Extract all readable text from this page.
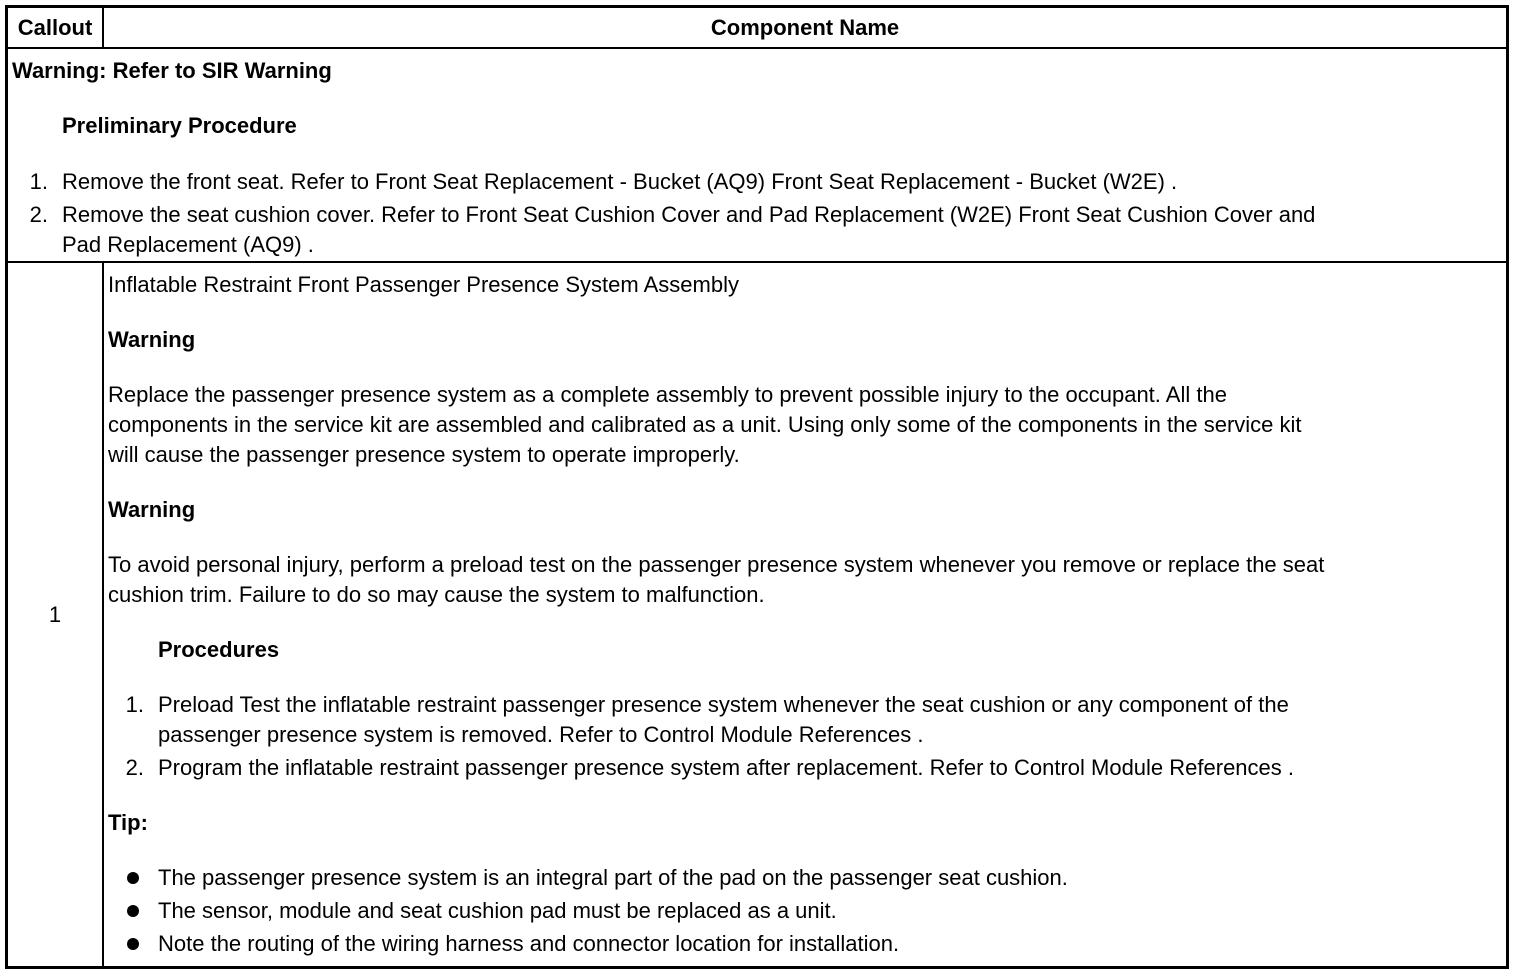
Callout	Component Name
Warning: Refer to SIR Warning
Preliminary Procedure
1. Remove the front seat. Refer to Front Seat Replacement - Bucket (AQ9) Front Seat Replacement - Bucket (W2E) .
2. Remove the seat cushion cover. Refer to Front Seat Cushion Cover and Pad Replacement (W2E) Front Seat Cushion Cover and
Pad Replacement (AQ9) .
1
Inflatable Restraint Front Passenger Presence System Assembly
Warning
Replace the passenger presence system as a complete assembly to prevent possible injury to the occupant. All the
components in the service kit are assembled and calibrated as a unit. Using only some of the components in the service kit
will cause the passenger presence system to operate improperly.
Warning
To avoid personal injury, perform a preload test on the passenger presence system whenever you remove or replace the seat
cushion trim. Failure to do so may cause the system to malfunction.
Procedures
1. Preload Test the inflatable restraint passenger presence system whenever the seat cushion or any component of the
passenger presence system is removed. Refer to Control Module References .
2. Program the inflatable restraint passenger presence system after replacement. Refer to Control Module References .
Tip:
The passenger presence system is an integral part of the pad on the passenger seat cushion.
The sensor, module and seat cushion pad must be replaced as a unit.
Note the routing of the wiring harness and connector location for installation.
